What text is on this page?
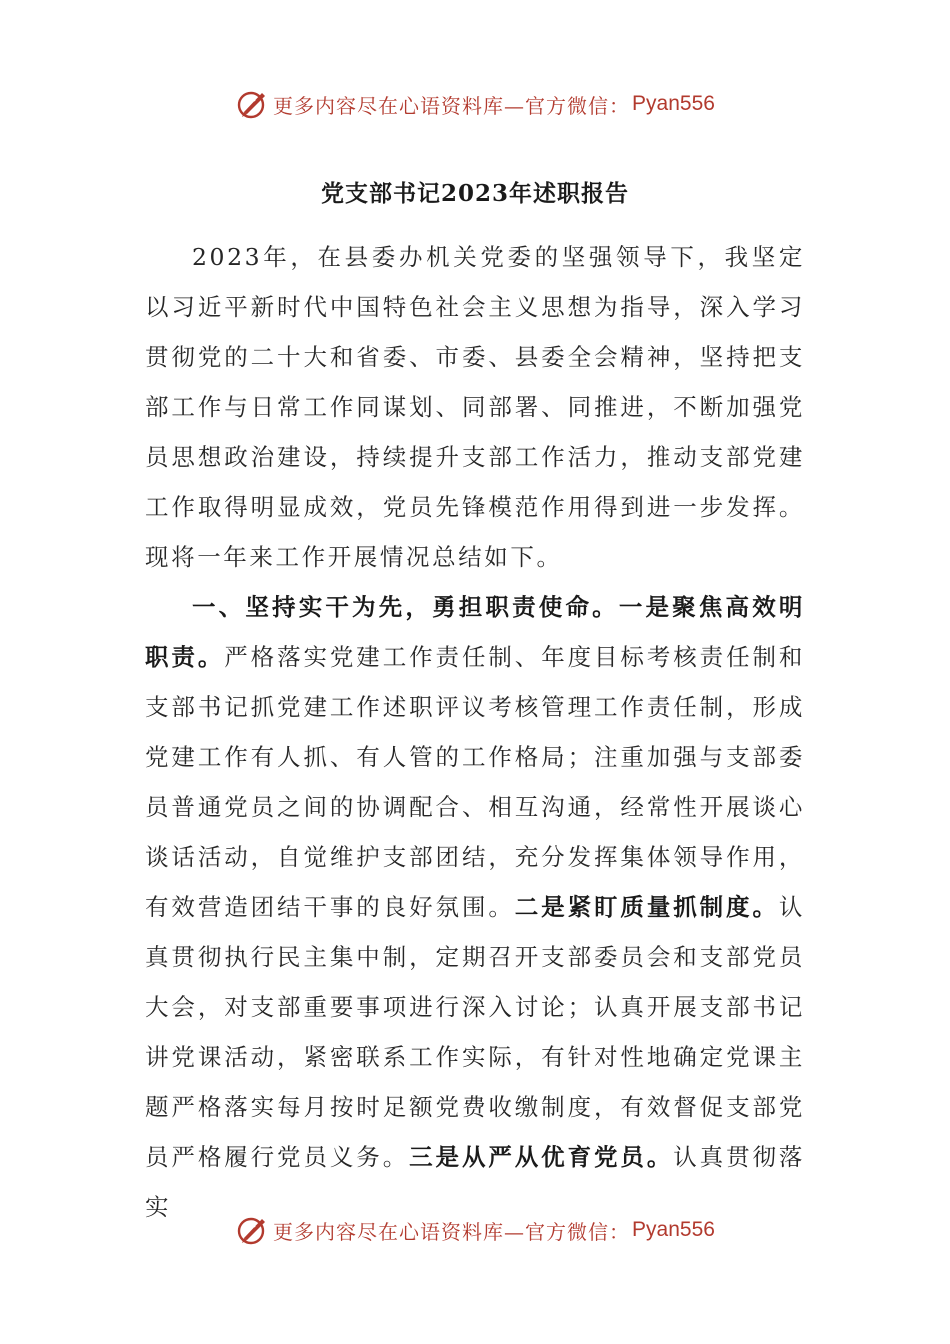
更多内容尽在心语资料库—官方微信： Pyan556
党支部书记2023年述职报告

2023年，在县委办机关党委的坚强领导下，我坚定以习近平新时代中国特色社会主义思想为指导，深入学习贯彻党的二十大和省委、市委、县委全会精神，坚持把支部工作与日常工作同谋划、同部署、同推进，不断加强党员思想政治建设，持续提升支部工作活力，推动支部党建工作取得明显成效，党员先锋模范作用得到进一步发挥。现将一年来工作开展情况总结如下。

一、坚持实干为先，勇担职责使命。一是聚焦高效明职责。严格落实党建工作责任制、年度目标考核责任制和支部书记抓党建工作述职评议考核管理工作责任制，形成党建工作有人抓、有人管的工作格局；注重加强与支部委员普通党员之间的协调配合、相互沟通，经常性开展谈心谈话活动，自觉维护支部团结，充分发挥集体领导作用，有效营造团结干事的良好氛围。二是紧盯质量抓制度。认真贯彻执行民主集中制，定期召开支部委员会和支部党员大会，对支部重要事项进行深入讨论；认真开展支部书记讲党课活动，紧密联系工作实际，有针对性地确定党课主题严格落实每月按时足额党费收缴制度，有效督促支部党员严格履行党员义务。三是从严从优育党员。认真贯彻落实

更多内容尽在心语资料库—官方微信： Pyan556
